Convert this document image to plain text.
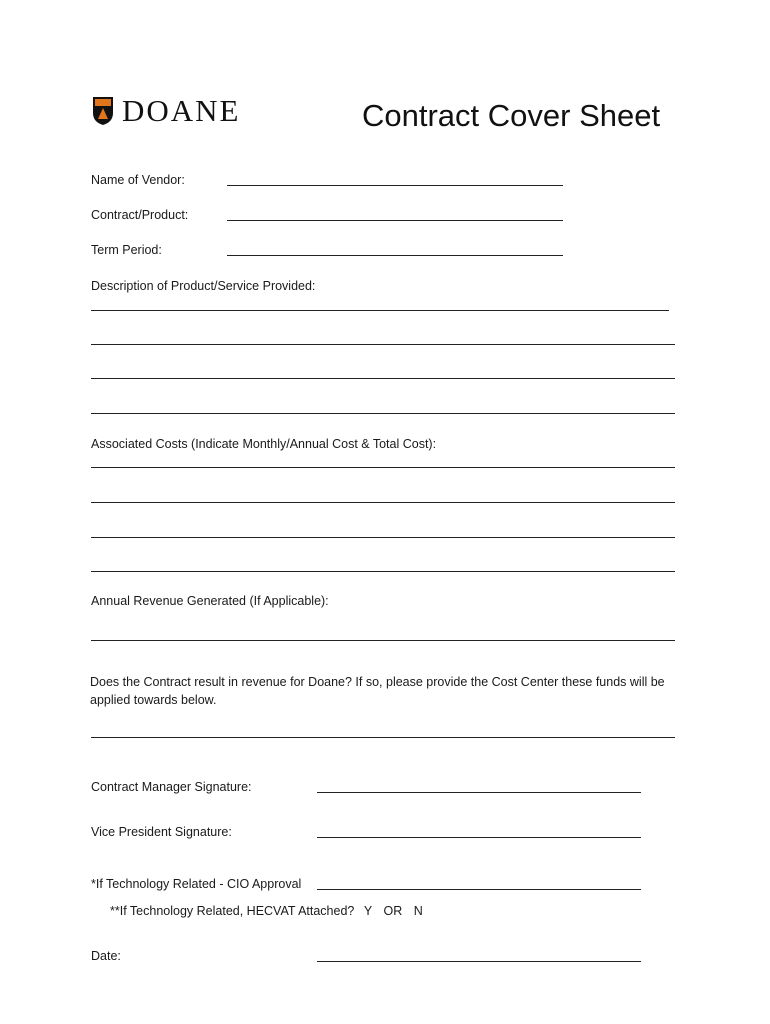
DOANE	Contract Cover Sheet
Name of Vendor:
Contract/Product:
Term Period:
Description of Product/Service Provided:
Associated Costs (Indicate Monthly/Annual Cost & Total Cost):
Annual Revenue Generated (If Applicable):

Does the Contract result in revenue for Doane? If so, please provide the Cost Center these funds will be applied towards below.

Contract Manager Signature:
Vice President Signature:
*If Technology Related - CIO Approval
**If Technology Related, HECVAT Attached? Y OR N
Date:
